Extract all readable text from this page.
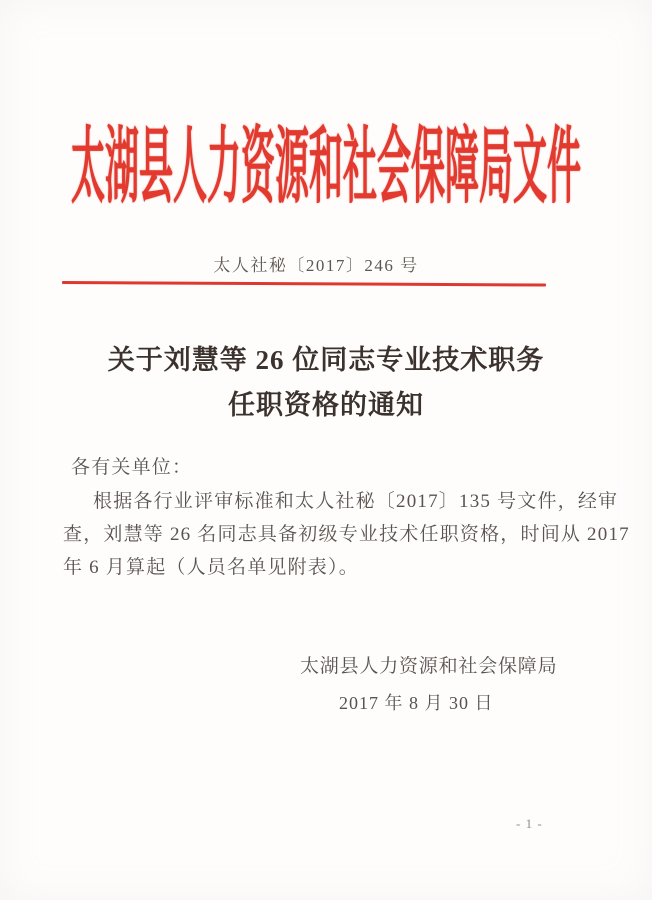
太湖县人力资源和社会保障局文件
太人社秘〔2017〕246 号
关于刘慧等 26 位同志专业技术职务
任职资格的通知
各有关单位：
根据各行业评审标准和太人社秘〔2017〕135 号文件，经审
查，刘慧等 26 名同志具备初级专业技术任职资格，时间从 2017
年 6 月算起（人员名单见附表）。
太湖县人力资源和社会保障局
2017 年 8 月 30 日
- 1 -
